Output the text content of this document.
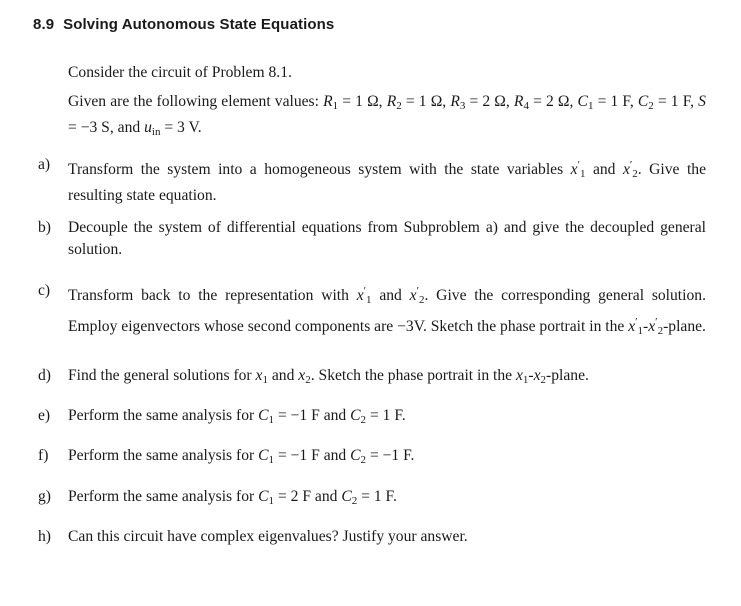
8.9 Solving Autonomous State Equations
Consider the circuit of Problem 8.1.
Given are the following element values: $R_1 = 1$ Ω, $R_2 = 1$ Ω, $R_3 = 2$ Ω, $R_4 = 2$ Ω, $C_1 = 1$ F, $C_2 = 1$ F, S = −3 S, and $u_{in} = 3$ V.
a)	Transform the system into a homogeneous system with the state variables $x'_1$ and $x'_2$. Give the resulting state equation.
b)	Decouple the system of differential equations from Subproblem a) and give the decoupled general solution.
c)	Transform back to the representation with $x'_1$ and $x'_2$. Give the corresponding general solution. Employ eigenvectors whose second components are −3V. Sketch the phase portrait in the $x'_1-x'_2$-plane.
d)	Find the general solutions for $x_1$ and $x_2$. Sketch the phase portrait in the $x_1-x_2$-plane.
e)	Perform the same analysis for $C_1 = -1$ F and $C_2 = 1$ F.
f)	Perform the same analysis for $C_1 = -1$ F and $C_2 = -1$ F.
g)	Perform the same analysis for $C_1 = 2$ F and $C_2 = 1$ F.
h)	Can this circuit have complex eigenvalues? Justify your answer.
